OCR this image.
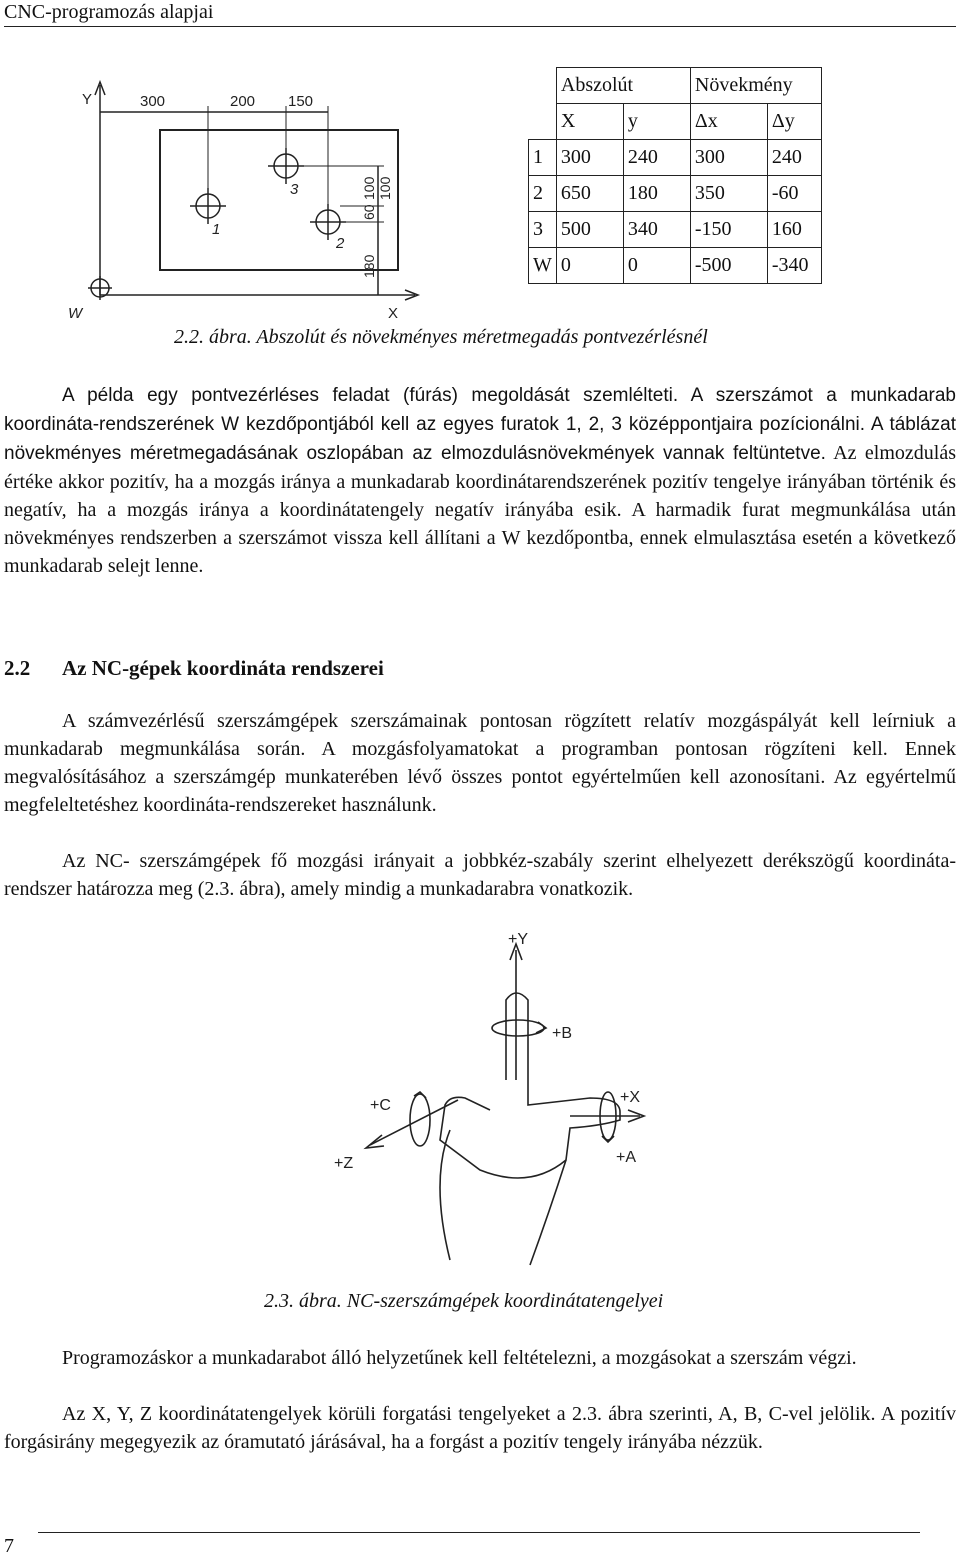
CNC-programozás alapjai
Y
X
W
300	200 150
1
2
3
180
60
100 100
	Abszolút		Növekmény	
	X	y	Δx	Δy
1	300	240	300	240
2	650	180	350	-60
3	500	340	-150	160
W	0	0	-500	-340
2.2. ábra. Abszolút és növekményes méretmegadás pontvezérlésnél

A példa egy pontvezérléses feladat (fúrás) megoldását szemlélteti. A szerszámot a munkadarab koordináta-rendszerének W kezdőpontjából kell az egyes furatok 1, 2, 3 középpontjaira pozícionálni. A táblázat növekményes méretmegadásának oszlopában az elmozdulásnövekmények vannak feltüntetve. Az elmozdulás értéke akkor pozitív, ha a mozgás iránya a munkadarab koordinátarendszerének pozitív tengelye irányában történik és negatív, ha a mozgás iránya a koordinátatengely negatív irányába esik. A harmadik furat megmunkálása után növekményes rendszerben a szerszámot vissza kell állítani a W kezdőpontba, ennek elmulasztása esetén a következő munkadarab selejt lenne.

2.2 Az NC-gépek koordináta rendszerei

A számvezérlésű szerszámgépek szerszámainak pontosan rögzített relatív mozgáspályát kell leírniuk a munkadarab megmunkálása során. A mozgásfolyamatokat a programban pontosan rögzíteni kell. Ennek megvalósításához a szerszámgép munkaterében lévő összes pontot egyértelműen kell azonosítani. Az egyértelmű megfeleltetéshez koordináta-rendszereket használunk.

Az NC- szerszámgépek fő mozgási irányait a jobbkéz-szabály szerint elhelyezett derékszögű koordináta-rendszer határozza meg (2.3. ábra), amely mindig a munkadarabra vonatkozik.

+Y
+B
+C
+Z
+X
+A
2.3. ábra. NC-szerszámgépek koordinátatengelyei

Programozáskor a munkadarabot álló helyzetűnek kell feltételezni, a mozgásokat a szerszám végzi.

Az X, Y, Z koordinátatengelyek körüli forgatási tengelyeket a 2.3. ábra szerinti, A, B, C-vel jelölik. A pozitív forgásirány megegyezik az óramutató járásával, ha a forgást a pozitív tengely irányába nézzük.

7
